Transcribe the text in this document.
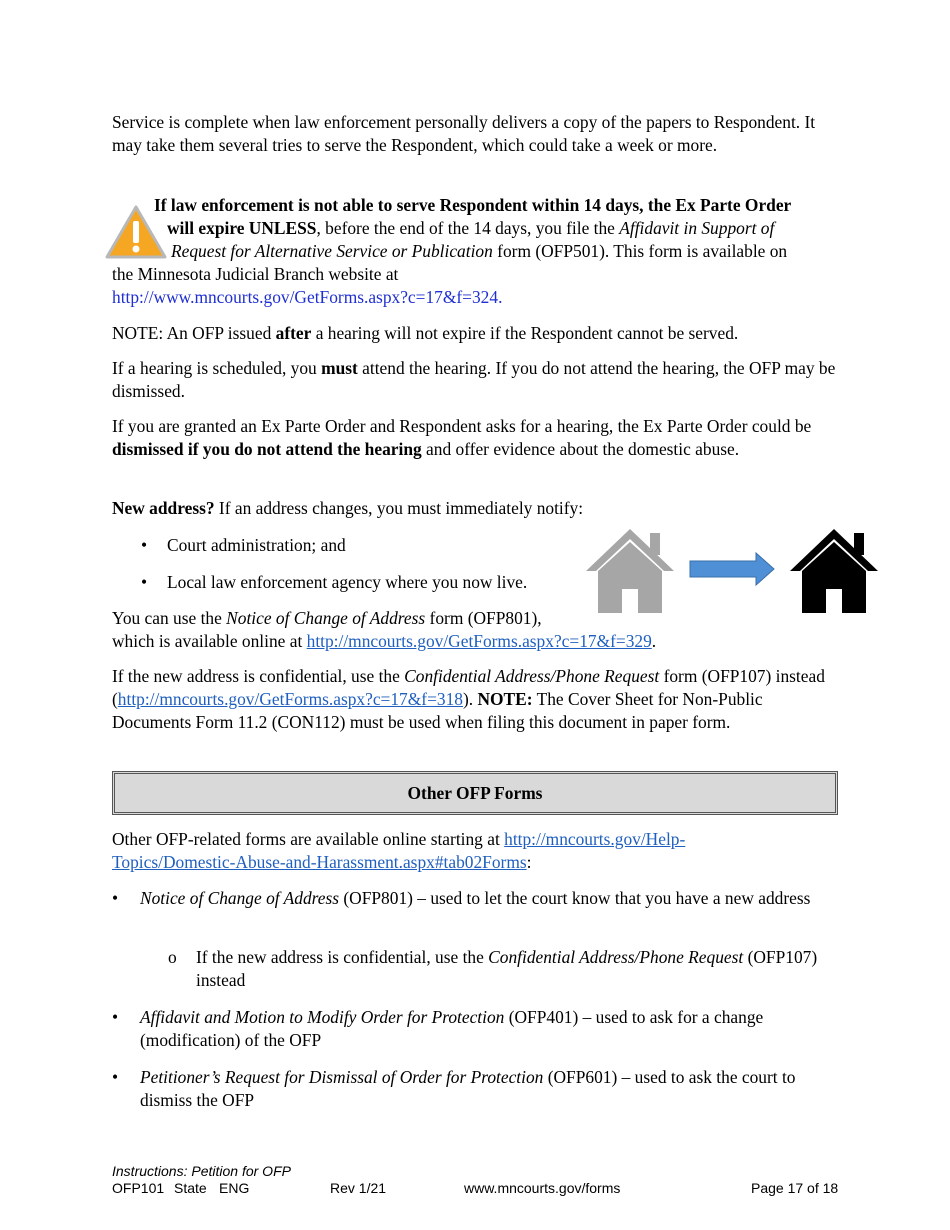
Service is complete when law enforcement personally delivers a copy of the papers to Respondent. It may take them several tries to serve the Respondent, which could take a week or more.

If law enforcement is not able to serve Respondent within 14 days, the Ex Parte Order
will expire UNLESS, before the end of the 14 days, you file the Affidavit in Support of
Request for Alternative Service or Publication form (OFP501). This form is available on
the Minnesota Judicial Branch website at
http://www.mncourts.gov/GetForms.aspx?c=17&f=324.

NOTE: An OFP issued after a hearing will not expire if the Respondent cannot be served.

If a hearing is scheduled, you must attend the hearing. If you do not attend the hearing, the OFP may be dismissed.

If you are granted an Ex Parte Order and Respondent asks for a hearing, the Ex Parte Order could be dismissed if you do not attend the hearing and offer evidence about the domestic abuse.

New address? If an address changes, you must immediately notify:

• Court administration; and
• Local law enforcement agency where you now live.

You can use the Notice of Change of Address form (OFP801),
which is available online at http://mncourts.gov/GetForms.aspx?c=17&f=329.

If the new address is confidential, use the Confidential Address/Phone Request form (OFP107) instead (http://mncourts.gov/GetForms.aspx?c=17&f=318). NOTE: The Cover Sheet for Non-Public Documents Form 11.2 (CON112) must be used when filing this document in paper form.

Other OFP Forms

Other OFP-related forms are available online starting at http://mncourts.gov/Help-Topics/Domestic-Abuse-and-Harassment.aspx#tab02Forms:

• Notice of Change of Address (OFP801) – used to let the court know that you have a new address
o If the new address is confidential, use the Confidential Address/Phone Request (OFP107) instead
• Affidavit and Motion to Modify Order for Protection (OFP401) – used to ask for a change (modification) of the OFP
• Petitioner’s Request for Dismissal of Order for Protection (OFP601) – used to ask the court to dismiss the OFP
Instructions: Petition for OFP
OFP101 State ENG	Rev 1/21	www.mncourts.gov/forms	Page 17 of 18
